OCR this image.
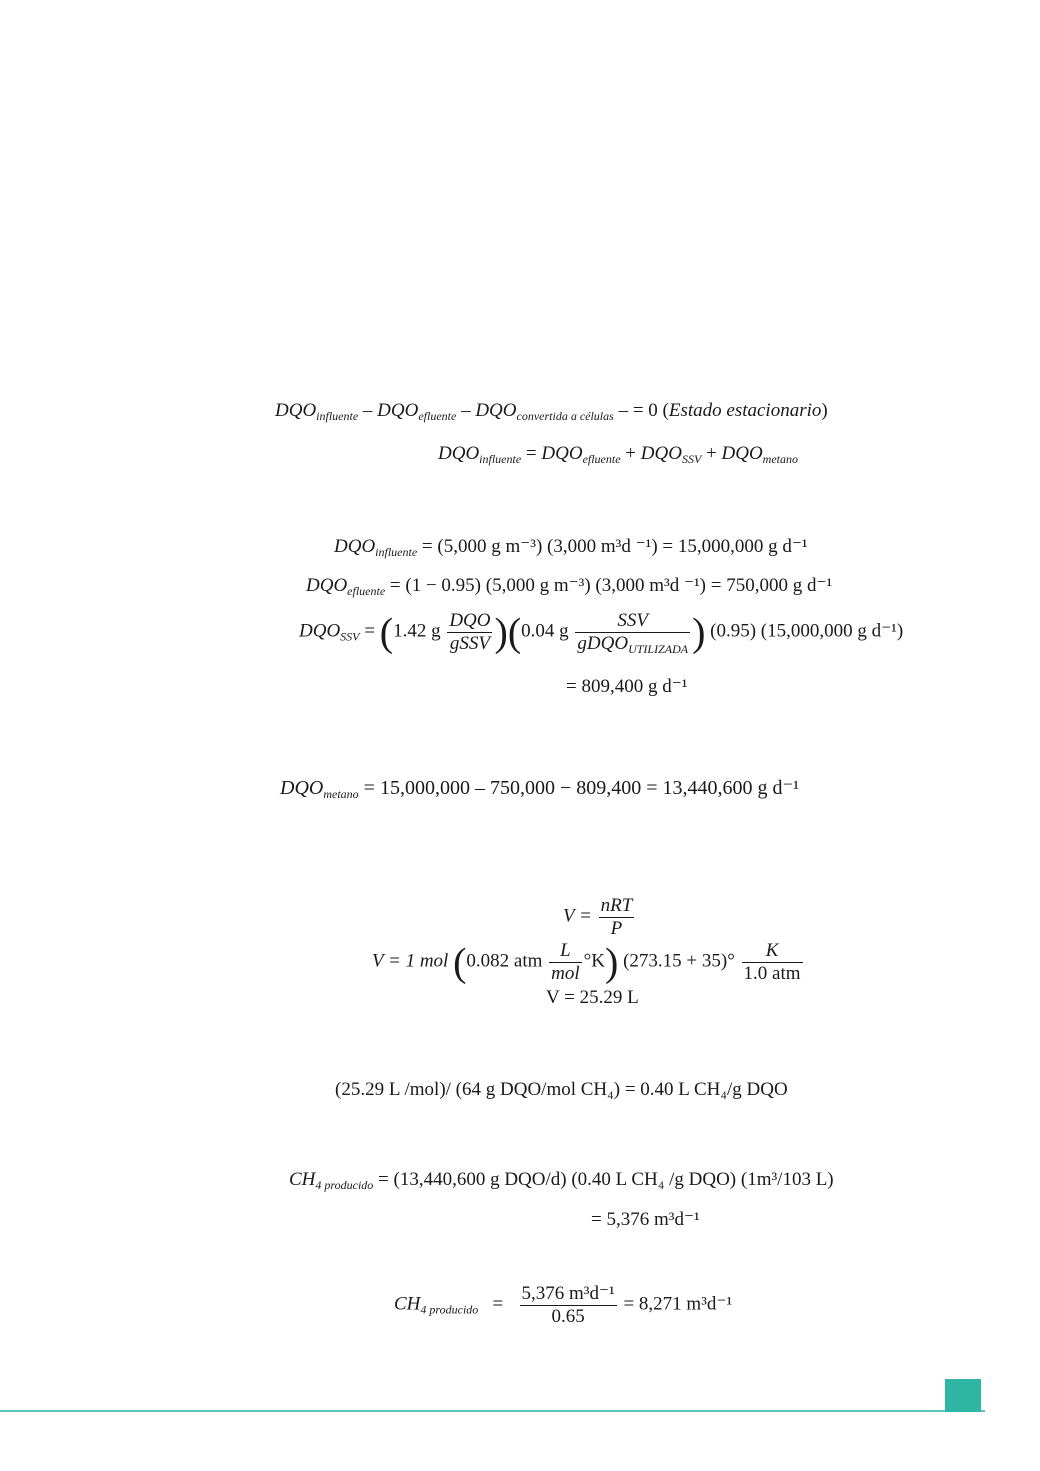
$DQO_{influente} - DQO_{efluente} - DQO_{convertida a células}$ – = 0 (Estado estacionario)
$DQO_{influente} = DQO_{efluente} + DQO_{SSV} + DQO_{metano}$
$DQO_{influente} = (5,000$ g m⁻³) (3,000 m³d ⁻¹) = 15,000,000 g d⁻¹
$DQO_{efluente} = (1 - 0.95)$ (5,000 g m⁻³) (3,000 m³d ⁻¹) = 750,000 g d⁻¹
$DQO_{SSV} = (1.42$ g $\frac{\text{DQO}}{\text{gSSV}} )(0.04$ g $\frac{\text{SSV}}{gDQO_{UTILIZADA}}$ ) (0.95) (15,000,000 g d⁻¹)
= 809,400 g d⁻¹
$DQO_{metano} = 15,000,000 - 750,000 - 809,400 = 13,440,600$ g d⁻¹
$V = \frac{\text{nRT}}{P}$
V = 1 mol (0.082 atm $\frac{L}{\text{mol}} ^\circ K$) $(273.15 + 35)^\circ \frac{K}{\text{1.0 atm}}$
V = 25.29 L
(25.29 L /mol)/ (64 g DQO/mol CH₄) = 0.40 L CH₄/g DQO
$CH_{4 producido} = (13,440,600$ g DQO/d) (0.40 L CH₄ /g DQO) (1m³/103 L)
= 5,376 m³d⁻¹
$CH_{4 producido} = \frac{\text{5,376 m³d⁻¹}}{0.65} = 8,271$ m³d⁻¹
